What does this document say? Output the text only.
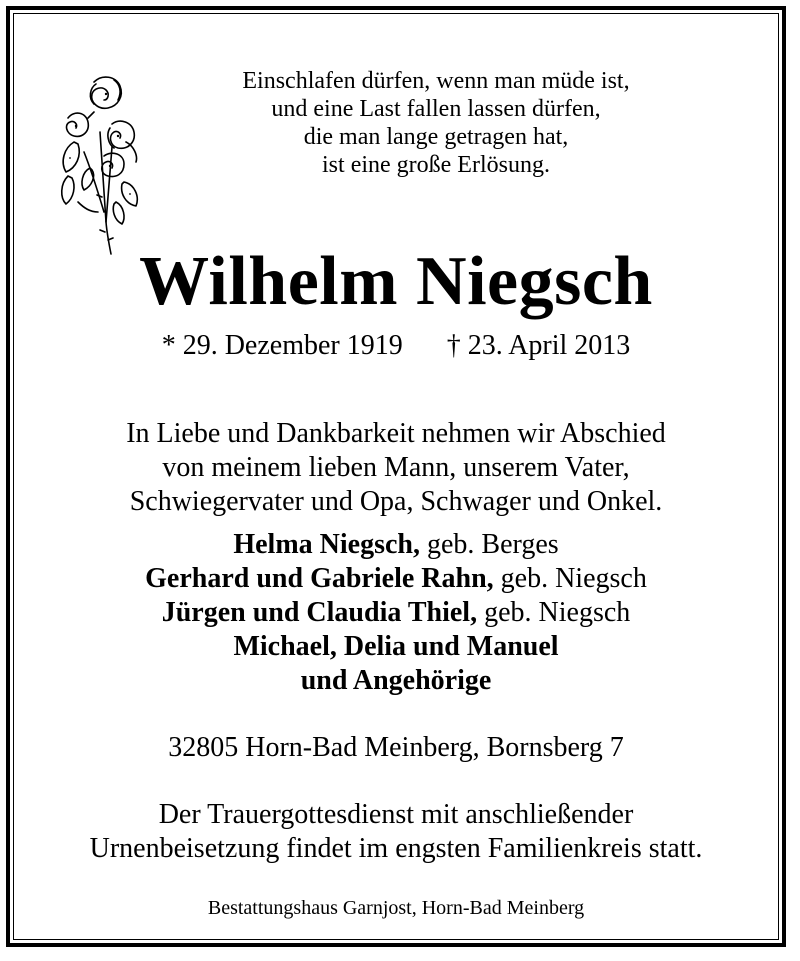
Einschlafen dürfen, wenn man müde ist,
und eine Last fallen lassen dürfen,
die man lange getragen hat,
ist eine große Erlösung.
Wilhelm Niegsch
* 29. Dezember 1919 † 23. April 2013
In Liebe und Dankbarkeit nehmen wir Abschied
von meinem lieben Mann, unserem Vater,
Schwiegervater und Opa, Schwager und Onkel.
Helma Niegsch, geb. Berges
Gerhard und Gabriele Rahn, geb. Niegsch
Jürgen und Claudia Thiel, geb. Niegsch
Michael, Delia und Manuel
und Angehörige
32805 Horn-Bad Meinberg, Bornsberg 7
Der Trauergottesdienst mit anschließender
Urnenbeisetzung findet im engsten Familienkreis statt.
Bestattungshaus Garnjost, Horn-Bad Meinberg
